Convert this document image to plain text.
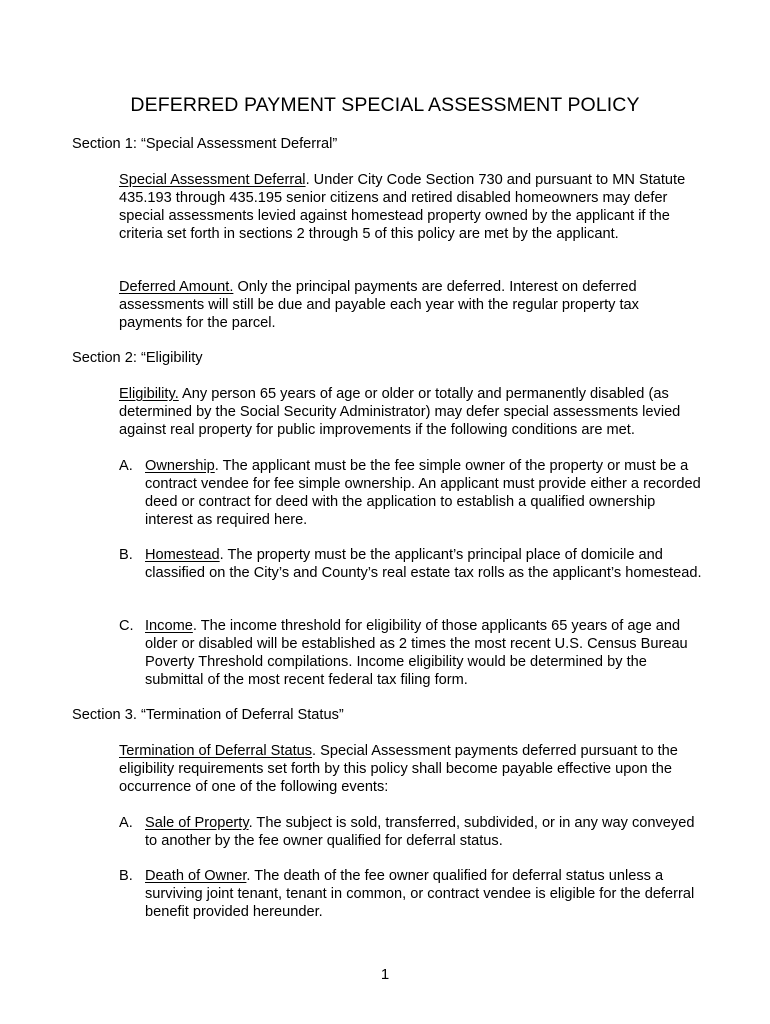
DEFERRED PAYMENT SPECIAL ASSESSMENT POLICY

Section 1: “Special Assessment Deferral”

Special Assessment Deferral. Under City Code Section 730 and pursuant to MN Statute 435.193 through 435.195 senior citizens and retired disabled homeowners may defer special assessments levied against homestead property owned by the applicant if the criteria set forth in sections 2 through 5 of this policy are met by the applicant.

Deferred Amount. Only the principal payments are deferred. Interest on deferred assessments will still be due and payable each year with the regular property tax payments for the parcel.

Section 2: “Eligibility

Eligibility. Any person 65 years of age or older or totally and permanently disabled (as determined by the Social Security Administrator) may defer special assessments levied against real property for public improvements if the following conditions are met.

A. Ownership. The applicant must be the fee simple owner of the property or must be a contract vendee for fee simple ownership. An applicant must provide either a recorded deed or contract for deed with the application to establish a qualified ownership interest as required here.
B. Homestead. The property must be the applicant’s principal place of domicile and classified on the City’s and County’s real estate tax rolls as the applicant’s homestead.
C. Income. The income threshold for eligibility of those applicants 65 years of age and older or disabled will be established as 2 times the most recent U.S. Census Bureau Poverty Threshold compilations. Income eligibility would be determined by the submittal of the most recent federal tax filing form.

Section 3. “Termination of Deferral Status”

Termination of Deferral Status. Special Assessment payments deferred pursuant to the eligibility requirements set forth by this policy shall become payable effective upon the occurrence of one of the following events:

A. Sale of Property. The subject is sold, transferred, subdivided, or in any way conveyed to another by the fee owner qualified for deferral status.
B. Death of Owner. The death of the fee owner qualified for deferral status unless a surviving joint tenant, tenant in common, or contract vendee is eligible for the deferral benefit provided hereunder.
1
